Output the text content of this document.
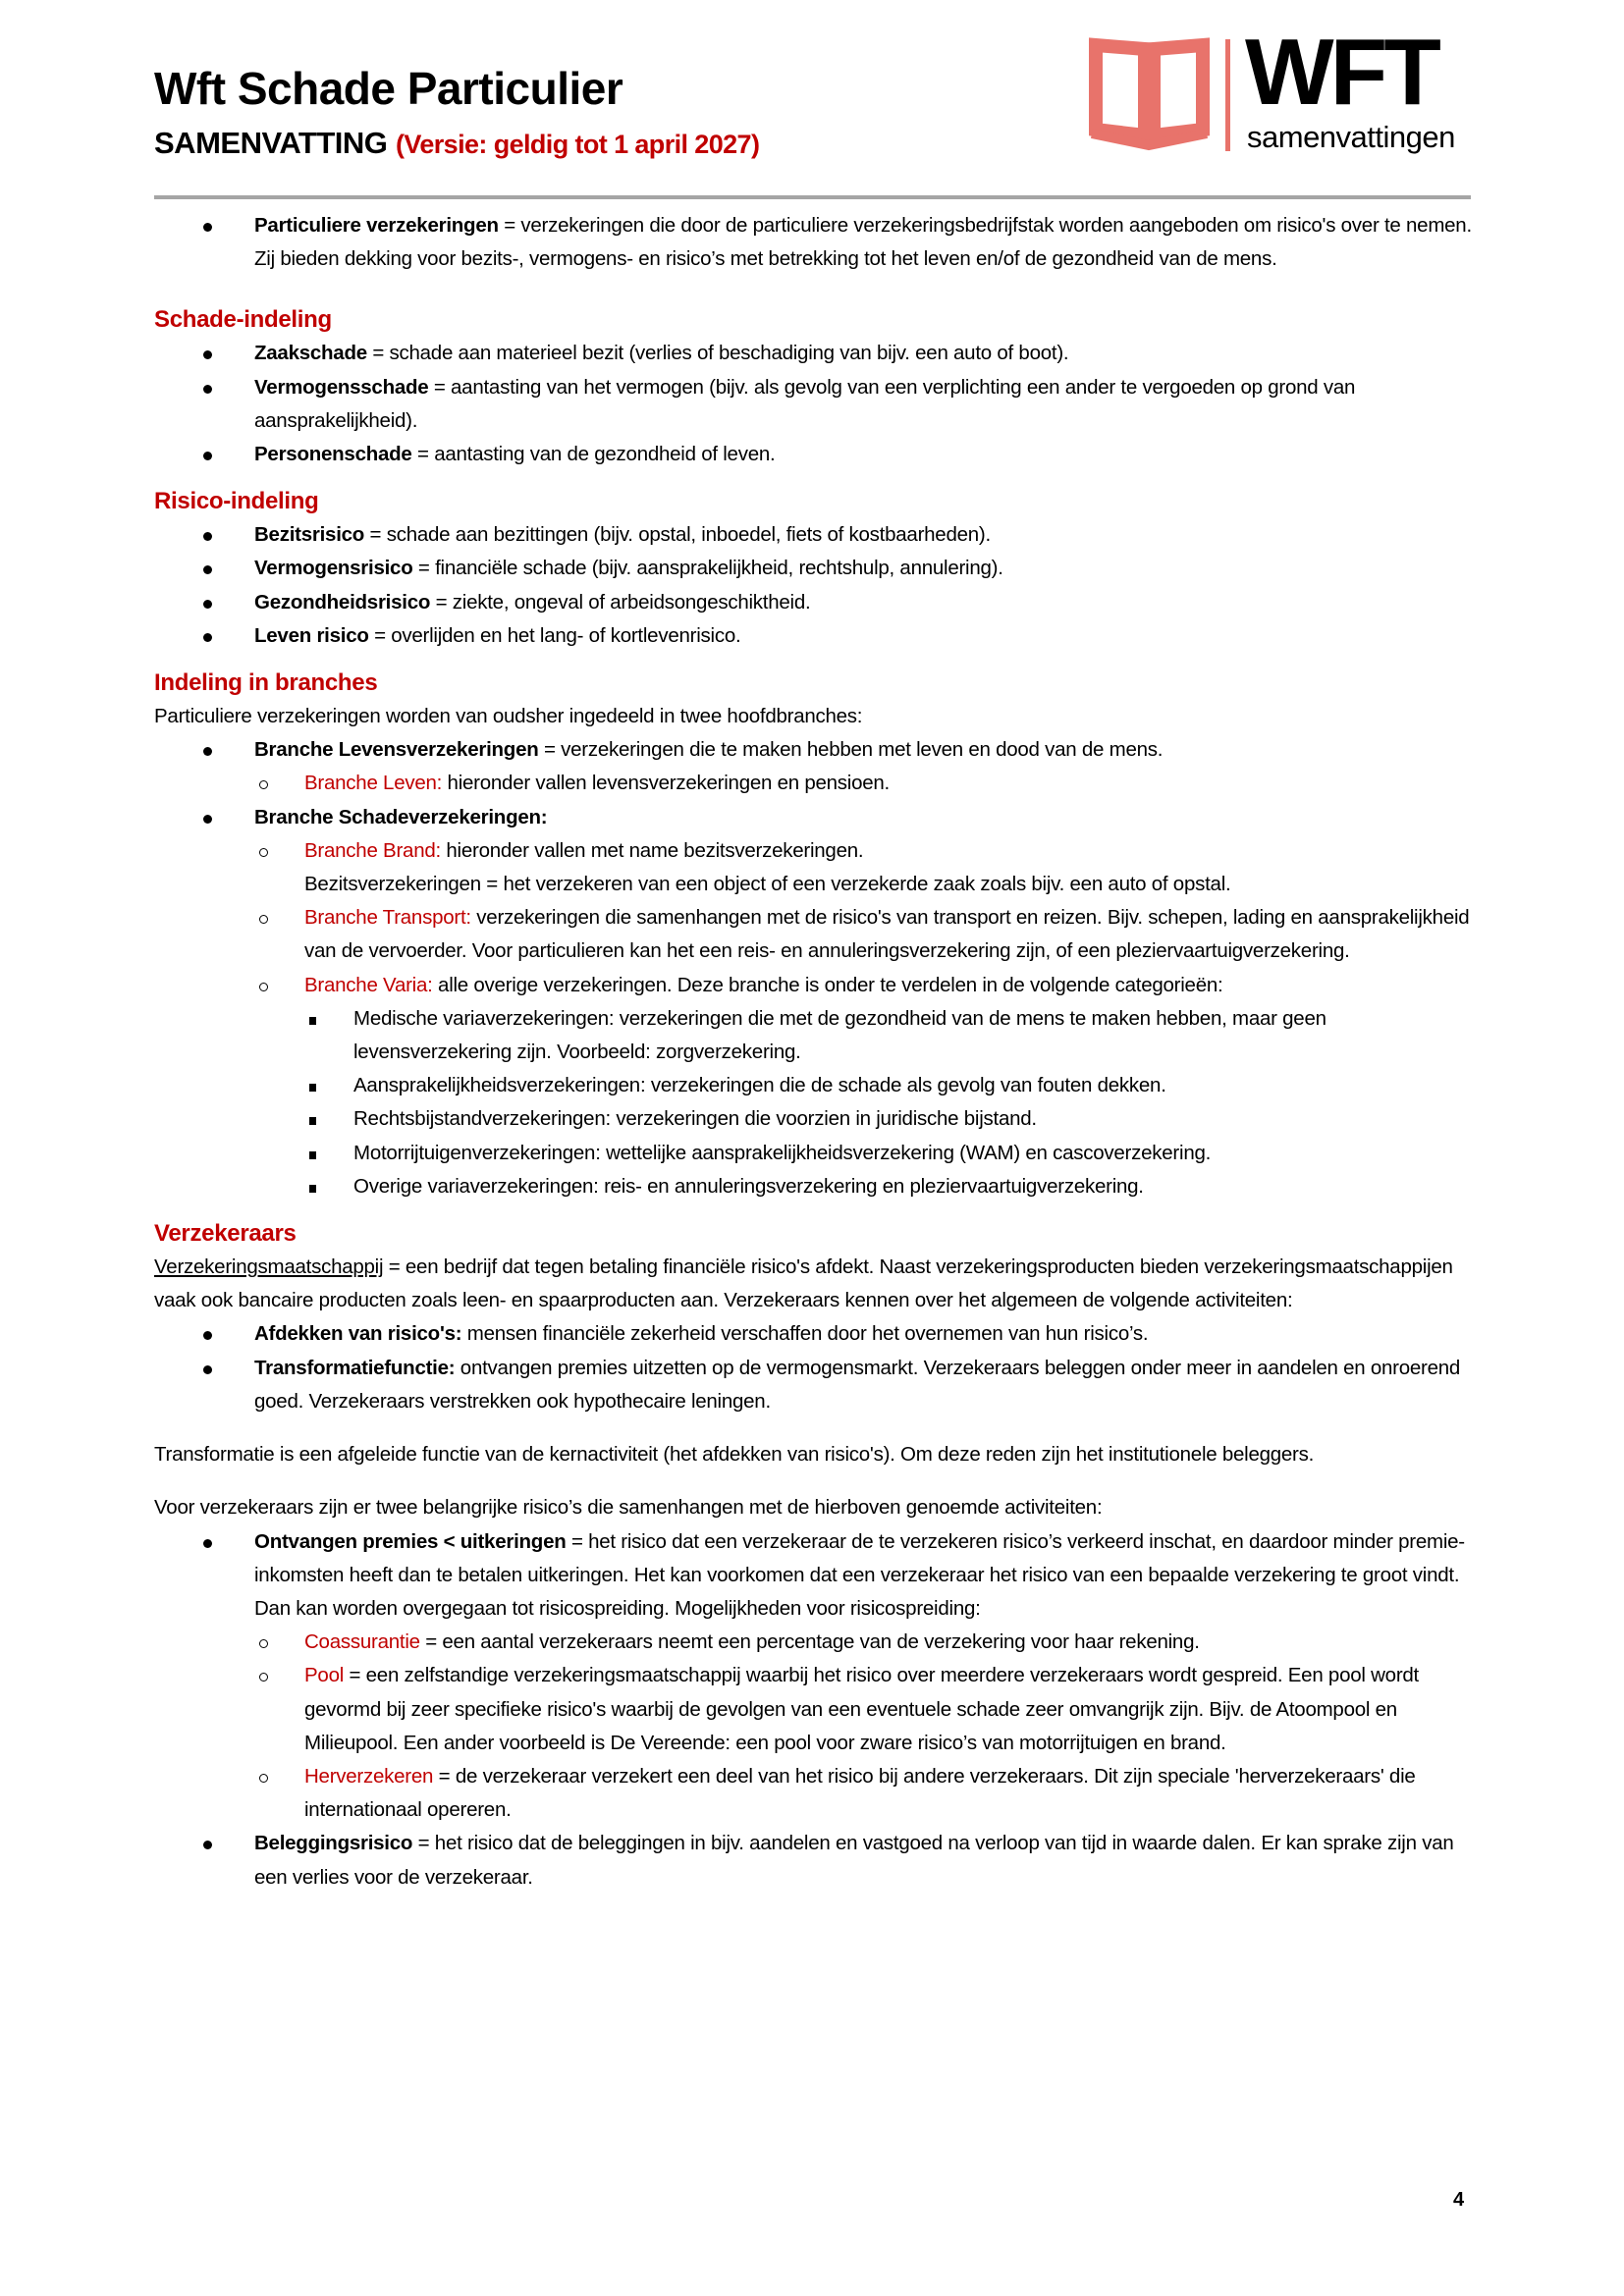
Wft Schade Particulier
SAMENVATTING (Versie: geldig tot 1 april 2027)
WFT
samenvattingen
Particuliere verzekeringen = verzekeringen die door de particuliere verzekeringsbedrijfstak worden aangeboden om risico's over te nemen. Zij bieden dekking voor bezits-, vermogens- en risico’s met betrekking tot het leven en/of de gezondheid van de mens.
Schade-indeling
Zaakschade = schade aan materieel bezit (verlies of beschadiging van bijv. een auto of boot).
Vermogensschade = aantasting van het vermogen (bijv. als gevolg van een verplichting een ander te vergoeden op grond van aansprakelijkheid).
Personenschade = aantasting van de gezondheid of leven.
Risico-indeling
Bezitsrisico = schade aan bezittingen (bijv. opstal, inboedel, fiets of kostbaarheden).
Vermogensrisico = financiële schade (bijv. aansprakelijkheid, rechtshulp, annulering).
Gezondheidsrisico = ziekte, ongeval of arbeidsongeschiktheid.
Leven risico = overlijden en het lang- of kortlevenrisico.
Indeling in branches
Particuliere verzekeringen worden van oudsher ingedeeld in twee hoofdbranches:
Branche Levensverzekeringen = verzekeringen die te maken hebben met leven en dood van de mens.
Branche Leven: hieronder vallen levensverzekeringen en pensioen.
Branche Schadeverzekeringen:
Branche Brand: hieronder vallen met name bezitsverzekeringen.
Bezitsverzekeringen = het verzekeren van een object of een verzekerde zaak zoals bijv. een auto of opstal.
Branche Transport: verzekeringen die samenhangen met de risico's van transport en reizen. Bijv. schepen, lading en aansprakelijkheid van de vervoerder. Voor particulieren kan het een reis- en annuleringsverzekering zijn, of een pleziervaartuigverzekering.
Branche Varia: alle overige verzekeringen. Deze branche is onder te verdelen in de volgende categorieën:
Medische variaverzekeringen: verzekeringen die met de gezondheid van de mens te maken hebben, maar geen levensverzekering zijn. Voorbeeld: zorgverzekering.
Aansprakelijkheidsverzekeringen: verzekeringen die de schade als gevolg van fouten dekken.
Rechtsbijstandverzekeringen: verzekeringen die voorzien in juridische bijstand.
Motorrijtuigenverzekeringen: wettelijke aansprakelijkheidsverzekering (WAM) en cascoverzekering.
Overige variaverzekeringen: reis- en annuleringsverzekering en pleziervaartuigverzekering.
Verzekeraars
Verzekeringsmaatschappij = een bedrijf dat tegen betaling financiële risico's afdekt. Naast verzekeringsproducten bieden verzekeringsmaatschappijen vaak ook bancaire producten zoals leen- en spaarproducten aan. Verzekeraars kennen over het algemeen de volgende activiteiten:
Afdekken van risico's: mensen financiële zekerheid verschaffen door het overnemen van hun risico’s.
Transformatiefunctie: ontvangen premies uitzetten op de vermogensmarkt. Verzekeraars beleggen onder meer in aandelen en onroerend goed. Verzekeraars verstrekken ook hypothecaire leningen.
Transformatie is een afgeleide functie van de kernactiviteit (het afdekken van risico's). Om deze reden zijn het institutionele beleggers.
Voor verzekeraars zijn er twee belangrijke risico’s die samenhangen met de hierboven genoemde activiteiten:
Ontvangen premies < uitkeringen = het risico dat een verzekeraar de te verzekeren risico’s verkeerd inschat, en daardoor minder premie-inkomsten heeft dan te betalen uitkeringen. Het kan voorkomen dat een verzekeraar het risico van een bepaalde verzekering te groot vindt. Dan kan worden overgegaan tot risicospreiding. Mogelijkheden voor risicospreiding:
Coassurantie = een aantal verzekeraars neemt een percentage van de verzekering voor haar rekening.
Pool = een zelfstandige verzekeringsmaatschappij waarbij het risico over meerdere verzekeraars wordt gespreid. Een pool wordt gevormd bij zeer specifieke risico's waarbij de gevolgen van een eventuele schade zeer omvangrijk zijn. Bijv. de Atoompool en Milieupool. Een ander voorbeeld is De Vereende: een pool voor zware risico’s van motorrijtuigen en brand.
Herverzekeren = de verzekeraar verzekert een deel van het risico bij andere verzekeraars. Dit zijn speciale 'herverzekeraars' die internationaal opereren.
Beleggingsrisico = het risico dat de beleggingen in bijv. aandelen en vastgoed na verloop van tijd in waarde dalen. Er kan sprake zijn van een verlies voor de verzekeraar.
4
